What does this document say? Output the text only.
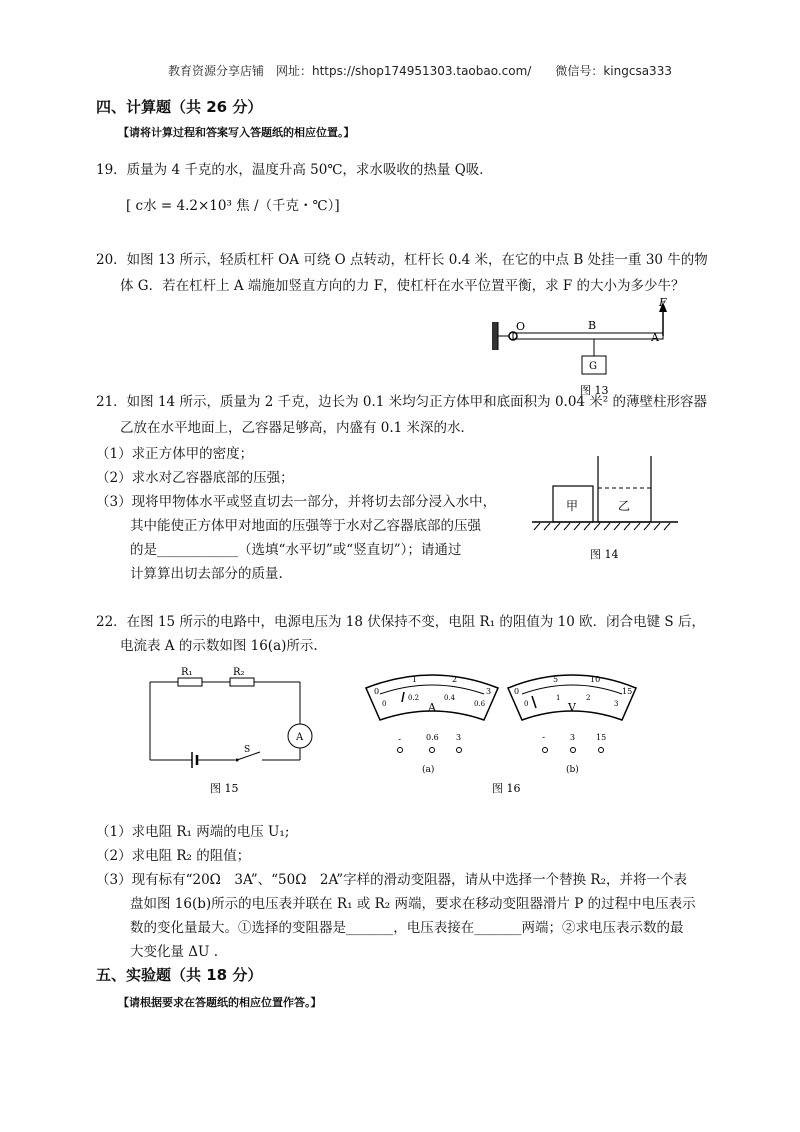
教育资源分享店铺　网址：https://shop174951303.taobao.com/　　微信号：kingcsa333
四、计算题（共 26 分）
【请将计算过程和答案写入答题纸的相应位置。】
19．质量为 4 千克的水，温度升高 50℃，求水吸收的热量 Q吸．
[ c水 = 4.2×10³ 焦 /（千克・℃）]
20．如图 13 所示，轻质杠杆 OA 可绕 O 点转动，杠杆长 0.4 米，在它的中点 B 处挂一重 30 牛的物
体 G．若在杠杆上 A 端施加竖直方向的力 F，使杠杆在水平位置平衡，求 F 的大小为多少牛？
O	B
A
F
G
图 13
21．如图 14 所示，质量为 2 千克，边长为 0.1 米均匀正方体甲和底面积为 0.04 米² 的薄壁柱形容器
乙放在水平地面上，乙容器足够高，内盛有 0.1 米深的水．
（1）求正方体甲的密度；
（2）求水对乙容器底部的压强；
（3）现将甲物体水平或竖直切去一部分，并将切去部分浸入水中，
其中能使正方体甲对地面的压强等于水对乙容器底部的压强
的是____________（选填“水平切”或“竖直切”）；请通过
计算算出切去部分的质量.
甲	乙
图 14
22．在图 15 所示的电路中，电源电压为 18 伏保持不变，电阻 R₁ 的阻值为 10 欧．闭合电键 S 后，
电流表 A 的示数如图 16(a)所示.
R₁	R₂
A
S
图 15
0
1	2
3
0
0.2	0.4
0.6
A
-	0.6 3
(a)
0
5	10
15
0
1	2
3
V
-	3	15
(b)
图 16
（1）求电阻 R₁ 两端的电压 U₁;
（2）求电阻 R₂ 的阻值；
（3）现有标有“20Ω　3A”、“50Ω　2A”字样的滑动变阻器，请从中选择一个替换 R₂，并将一个表
盘如图 16(b)所示的电压表并联在 R₁ 或 R₂ 两端，要求在移动变阻器滑片 P 的过程中电压表示
数的变化量最大。①选择的变阻器是_______，电压表接在_______两端；②求电压表示数的最
大变化量 ΔU .
五、实验题（共 18 分）
【请根据要求在答题纸的相应位置作答。】
